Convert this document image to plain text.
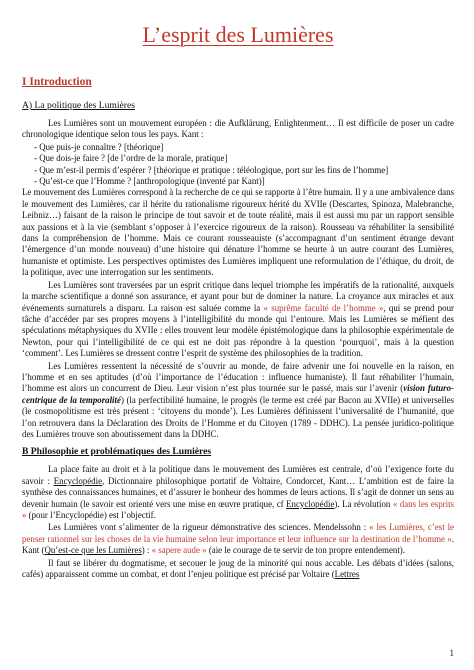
L’esprit des Lumières
I Introduction
A) La politique des Lumières

Les Lumières sont un mouvement européen : die Aufklärung, Enlightenment… Il est difficile de poser un cadre chronologique identique selon tous les pays. Kant :

- Que puis-je connaître ? [théorique]
- Que dois-je faire ? [de l’ordre de la morale, pratique]
- Que m’est-il permis d’espérer ? [théorique et pratique : téléologique, port sur les fins de l’homme]
- Qu’est-ce que l’Homme ? [anthropologique (inventé par Kant)]

Le mouvement des Lumières correspond à la recherche de ce qui se rapporte à l’être humain. Il y a une ambivalence dans le mouvement des Lumières, car il hérite du rationalisme rigoureux hérité du XVIIe (Descartes, Spinoza, Malebranche, Leibniz…) faisant de la raison le principe de tout savoir et de toute réalité, mais il est aussi mu par un rapport sensible aux passions et à la vie (semblant s’opposer à l’exercice rigoureux de la raison). Rousseau va réhabiliter la sensibilité dans la compréhension de l’homme. Mais ce courant rousseauiste (s’accompagnant d’un sentiment étrange devant l’émergence d’un monde nouveau) d’une histoire qui dénature l’homme se heurte à un autre courant des Lumières, humaniste et optimiste. Les perspectives optimistes des Lumières impliquent une reformulation de l’éthique, du droit, de la politique, avec une interrogation sur les sentiments.

Les Lumières sont traversées par un esprit critique dans lequel triomphe les impératifs de la rationalité, auxquels la marche scientifique a donné son assurance, et ayant pour but de dominer la nature. La croyance aux miracles et aux événements surnaturels a disparu. La raison est saluée comme la « suprême faculté de l’homme », qui se prend pour tâche d’accéder par ses propres moyens à l’intelligibilité du monde qui l’entoure. Mais les Lumières se méfient des spéculations métaphysiques du XVIIe : elles trouvent leur modèle épistémologique dans la philosophie expérimentale de Newton, pour qui l’intelligibilité de ce qui est ne doit pas répondre à la question ‘pourquoi’, mais à la question ‘comment’. Les Lumières se dressent contre l’esprit de système des philosophies de la tradition.

Les Lumières ressentent la nécessité de s’ouvrir au monde, de faire advenir une foi nouvelle en la raison, en l’homme et en ses aptitudes (d’où l’importance de l’éducation : influence humaniste). Il faut réhabiliter l’humain, l’homme est alors un concurrent de Dieu. Leur vision n’est plus tournée sur le passé, mais sur l’avenir (vision futuro-centrique de la temporalité) (la perfectibilité humaine, le progrès (le terme est créé par Bacon au XVIIe) et universelles (le cosmopolitisme est très présent : ‘citoyens du monde’). Les Lumières définissent l’universalité de l’humanité, que l’on retrouvera dans la Déclaration des Droits de l’Homme et du Citoyen (1789 - DDHC). La pensée juridico-politique des Lumières trouve son aboutissement dans la DDHC.

B Philosophie et problématiques des Lumières

La place faite au droit et à la politique dans le mouvement des Lumières est centrale, d’où l’exigence forte du savoir : Encyclopédie, Dictionnaire philosophique portatif de Voltaire, Condorcet, Kant… L’ambition est de faire la synthèse des connaissances humaines, et d’assurer le bonheur des hommes de leurs actions. Il s’agit de donner un sens au devenir humain (le savoir est orienté vers une mise en œuvre pratique, cf Encyclopédie). La révolution « dans les esprits » (pour l’Encyclopédie) est l’objectif.

Les Lumières vont s’alimenter de la rigueur démonstrative des sciences. Mendelssohn : « les Lumières, c’est le penser rationnel sur les choses de la vie humaine selon leur importance et leur influence sur la destination de l’homme ». Kant (Qu’est-ce que les Lumières) : « sapere aude » (aie le courage de te servir de ton propre entendement).

Il faut se libérer du dogmatisme, et secouer le joug de la minorité qui nous accable. Les débats d’idées (salons, cafés) apparaissent comme un combat, et dont l’enjeu politique est précisé par Voltaire (Lettres

1
